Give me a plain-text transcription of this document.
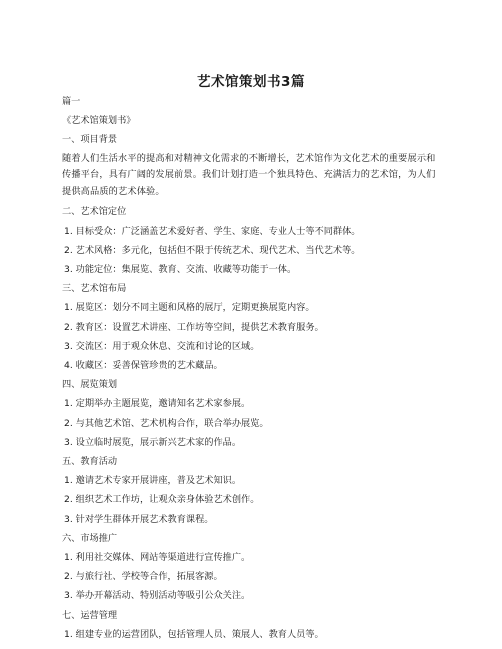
艺术馆策划书3篇

篇一

《艺术馆策划书》

一、项目背景

随着人们生活水平的提高和对精神文化需求的不断增长，艺术馆作为文化艺术的重要展示和传播平台，具有广阔的发展前景。我们计划打造一个独具特色、充满活力的艺术馆，为人们提供高品质的艺术体验。

二、艺术馆定位

1. 目标受众：广泛涵盖艺术爱好者、学生、家庭、专业人士等不同群体。

2. 艺术风格：多元化，包括但不限于传统艺术、现代艺术、当代艺术等。

3. 功能定位：集展览、教育、交流、收藏等功能于一体。

三、艺术馆布局

1. 展览区：划分不同主题和风格的展厅，定期更换展览内容。

2. 教育区：设置艺术讲座、工作坊等空间，提供艺术教育服务。

3. 交流区：用于观众休息、交流和讨论的区域。

4. 收藏区：妥善保管珍贵的艺术藏品。

四、展览策划

1. 定期举办主题展览，邀请知名艺术家参展。

2. 与其他艺术馆、艺术机构合作，联合举办展览。

3. 设立临时展览，展示新兴艺术家的作品。

五、教育活动

1. 邀请艺术专家开展讲座，普及艺术知识。

2. 组织艺术工作坊，让观众亲身体验艺术创作。

3. 针对学生群体开展艺术教育课程。

六、市场推广

1. 利用社交媒体、网站等渠道进行宣传推广。

2. 与旅行社、学校等合作，拓展客源。

3. 举办开幕活动、特别活动等吸引公众关注。

七、运营管理

1. 组建专业的运营团队，包括管理人员、策展人、教育人员等。
